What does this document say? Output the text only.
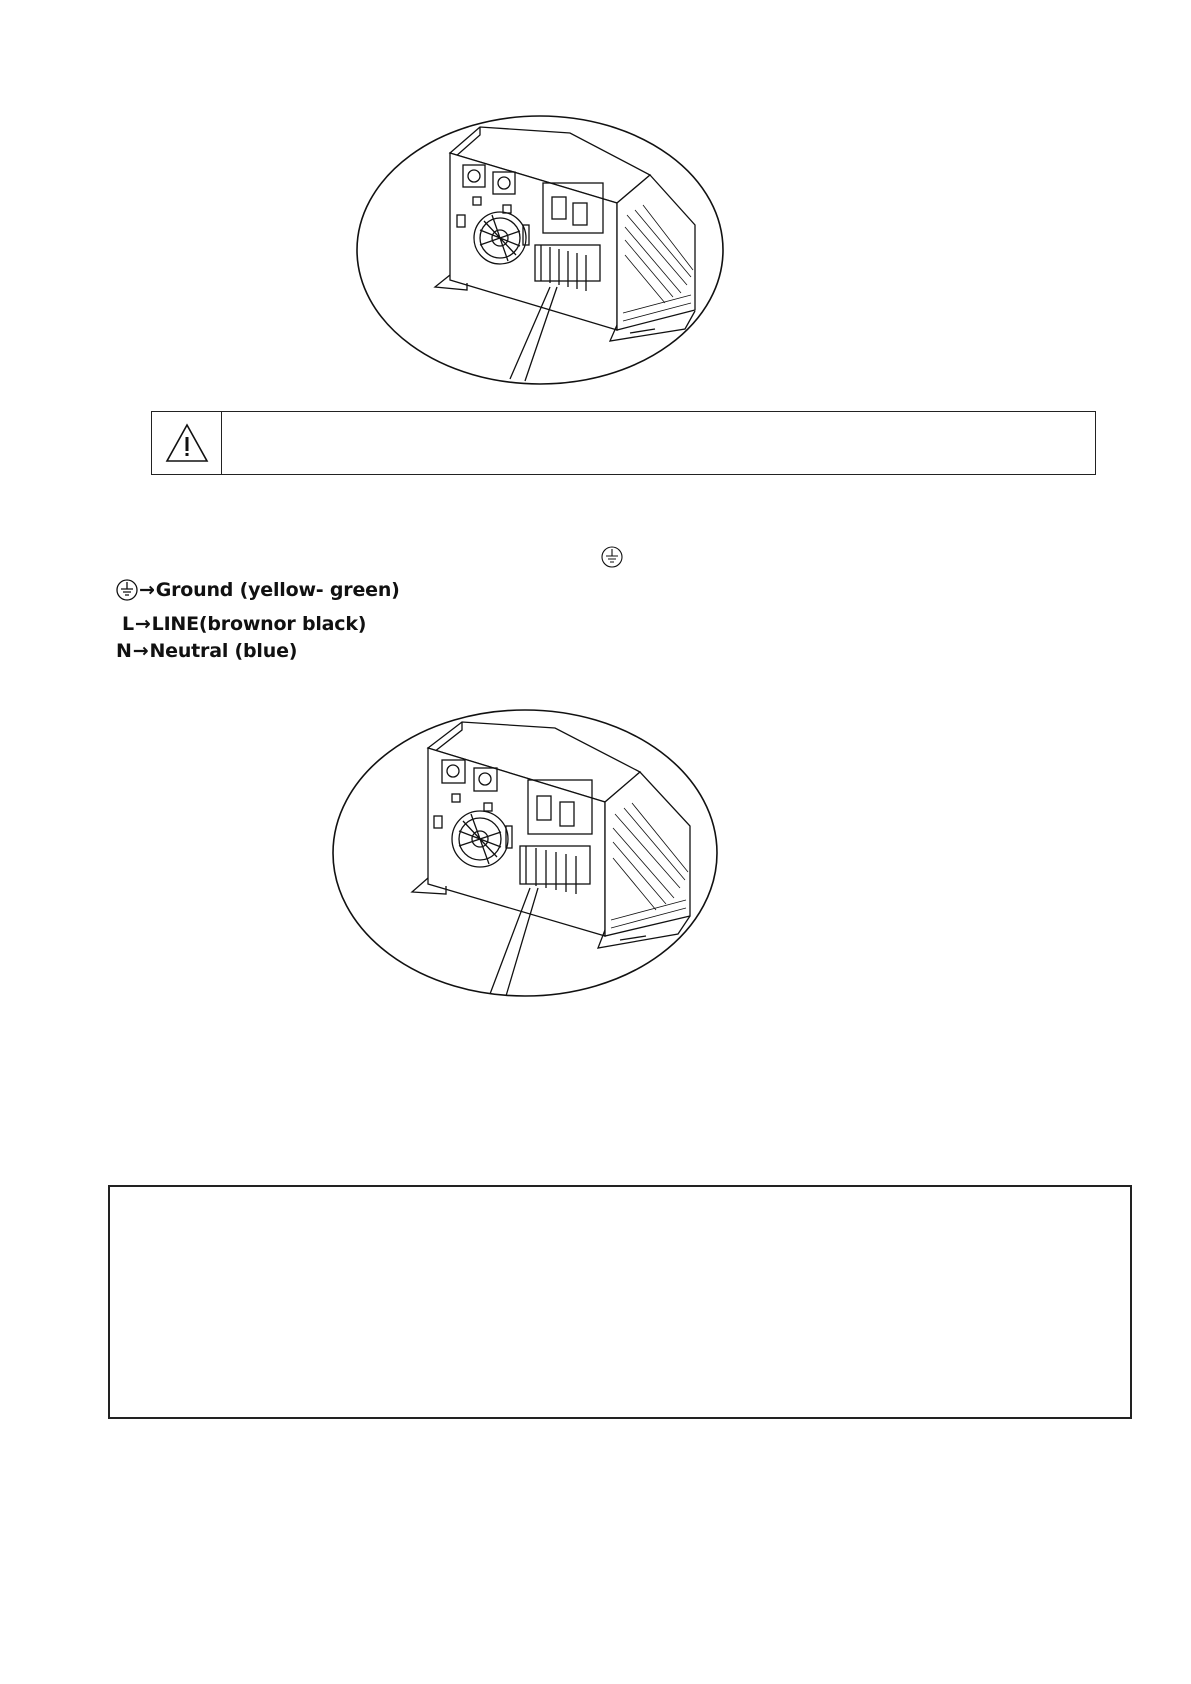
→ Ground (yellow- green)
L → LINE(brownor black)
N → Neutral (blue)
